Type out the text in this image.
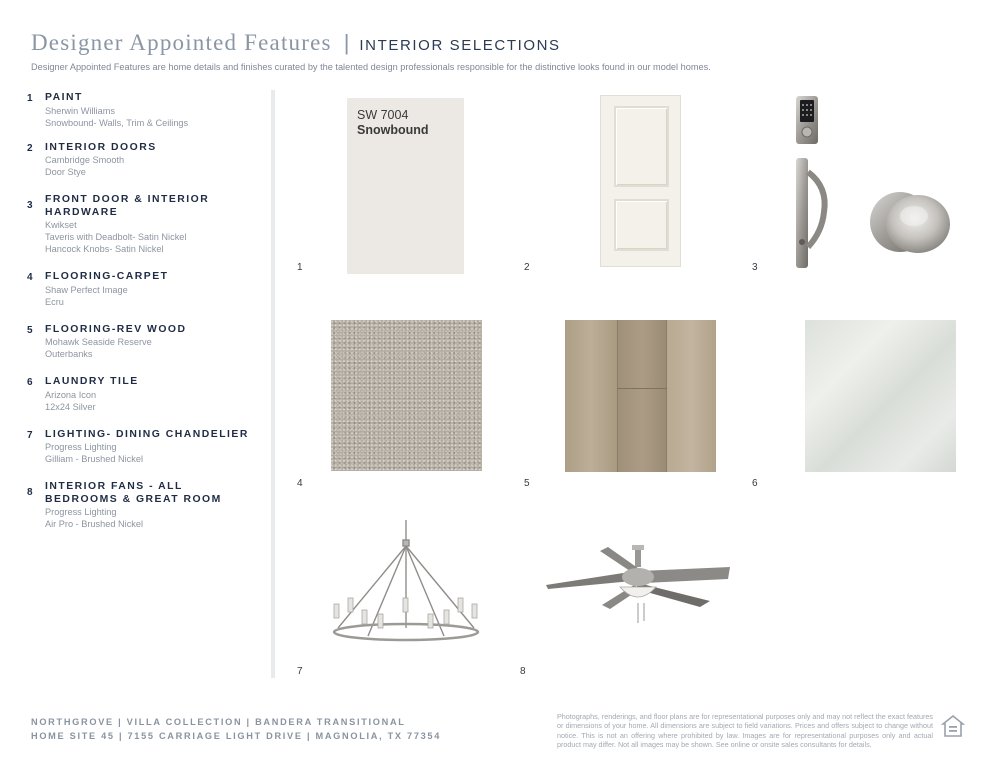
Designer Appointed Features | INTERIOR SELECTIONS
Designer Appointed Features are home details and finishes curated by the talented design professionals responsible for the distinctive looks found in our model homes.
1	PAINT
Sherwin Williams
Snowbound- Walls, Trim & Ceilings
2	INTERIOR DOORS
Cambridge Smooth
Door Stye
3
FRONT DOOR & INTERIOR HARDWARE
Kwikset
Taveris with Deadbolt- Satin Nickel
Hancock Knobs- Satin Nickel
4	FLOORING-CARPET
Shaw Perfect Image
Ecru
5	FLOORING-REV WOOD
Mohawk Seaside Reserve
Outerbanks
6	LAUNDRY TILE
Arizona Icon
12x24 Silver
7	LIGHTING- DINING CHANDELIER
Progress Lighting
Gilliam - Brushed Nickel
8
INTERIOR FANS - ALL BEDROOMS & GREAT ROOM
Progress Lighting
Air Pro - Brushed Nickel
SW 7004
Snowbound
1	2	3
4	5	6
7	8
NORTHGROVE | VILLA COLLECTION | BANDERA TRANSITIONAL
HOME SITE 45 | 7155 CARRIAGE LIGHT DRIVE | MAGNOLIA, TX 77354
Photographs, renderings, and floor plans are for representational purposes only and may not reflect the exact features or dimensions of your home. All dimensions are subject to field variations. Prices and offers subject to change without notice. This is not an offering where prohibited by law. Images are for representational purposes only and actual product may differ. Not all images may be shown. See online or onsite sales consultants for details.
